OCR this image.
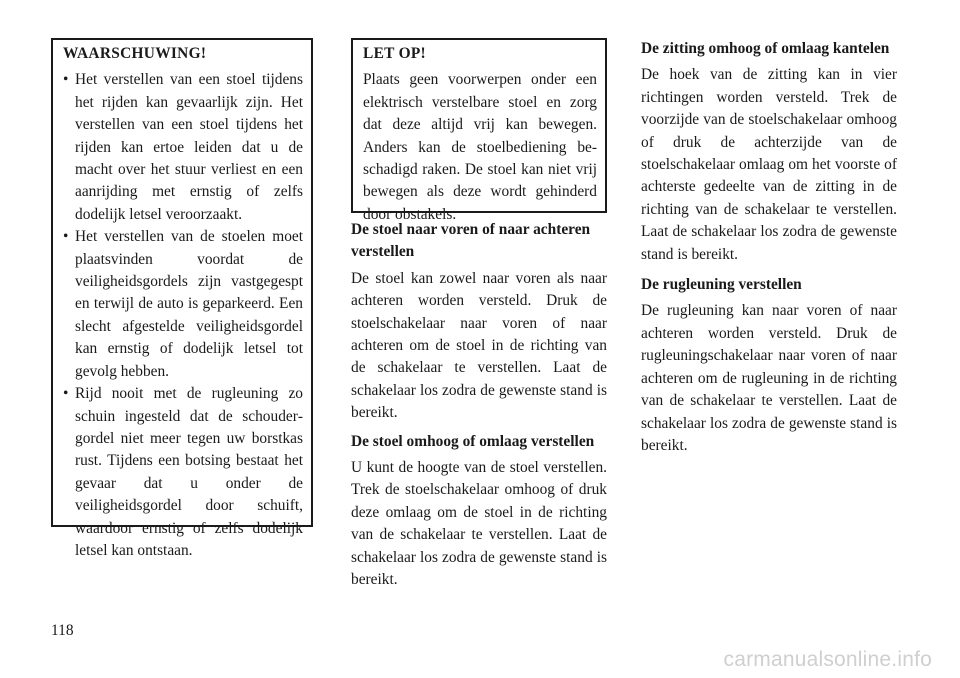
WAARSCHUWING!
• Het verstellen van een stoel tijdens het rijden kan gevaarlijk zijn. Het verstellen van een stoel tijdens het rijden kan ertoe leiden dat u de macht over het stuur verliest en een aanrijding met ernstig of zelfs dodelijk letsel veroorzaakt.
• Het verstellen van de stoelen moet plaatsvinden voordat de veiligheidsgordels zijn vastgegespt en terwijl de auto is geparkeerd. Een slecht afgestelde veiligheidsgordel kan ernstig of dodelijk letsel tot gevolg hebben.
• Rijd nooit met de rugleuning zo schuin ingesteld dat de schoudergordel niet meer tegen uw borstkas rust. Tijdens een botsing bestaat het gevaar dat u onder de veiligheidsgordel door schuift, waardoor ernstig of zelfs dodelijk letsel kan ontstaan.
LET OP!

Plaats geen voorwerpen onder een elektrisch verstelbare stoel en zorg dat deze altijd vrij kan bewegen. Anders kan de stoelbediening beschadigd raken. De stoel kan niet vrij bewegen als deze wordt gehinderd door obstakels.

De stoel naar voren of naar achteren verstellen

De stoel kan zowel naar voren als naar achteren worden versteld. Druk de stoelschakelaar naar voren of naar achteren om de stoel in de richting van de schakelaar te verstellen. Laat de schakelaar los zodra de gewenste stand is bereikt.

De stoel omhoog of omlaag verstellen

U kunt de hoogte van de stoel verstellen. Trek de stoelschakelaar omhoog of druk deze omlaag om de stoel in de richting van de schakelaar te verstellen. Laat de schakelaar los zodra de gewenste stand is bereikt.

De zitting omhoog of omlaag kantelen

De hoek van de zitting kan in vier richtingen worden versteld. Trek de voorzijde van de stoelschakelaar omhoog of druk de achterzijde van de stoelschakelaar omlaag om het voorste of achterste gedeelte van de zitting in de richting van de schakelaar te verstellen. Laat de schakelaar los zodra de gewenste stand is bereikt.

De rugleuning verstellen

De rugleuning kan naar voren of naar achteren worden versteld. Druk de rugleuningschakelaar naar voren of naar achteren om de rugleuning in de richting van de schakelaar te verstellen. Laat de schakelaar los zodra de gewenste stand is bereikt.

118
carmanualsonline.info
